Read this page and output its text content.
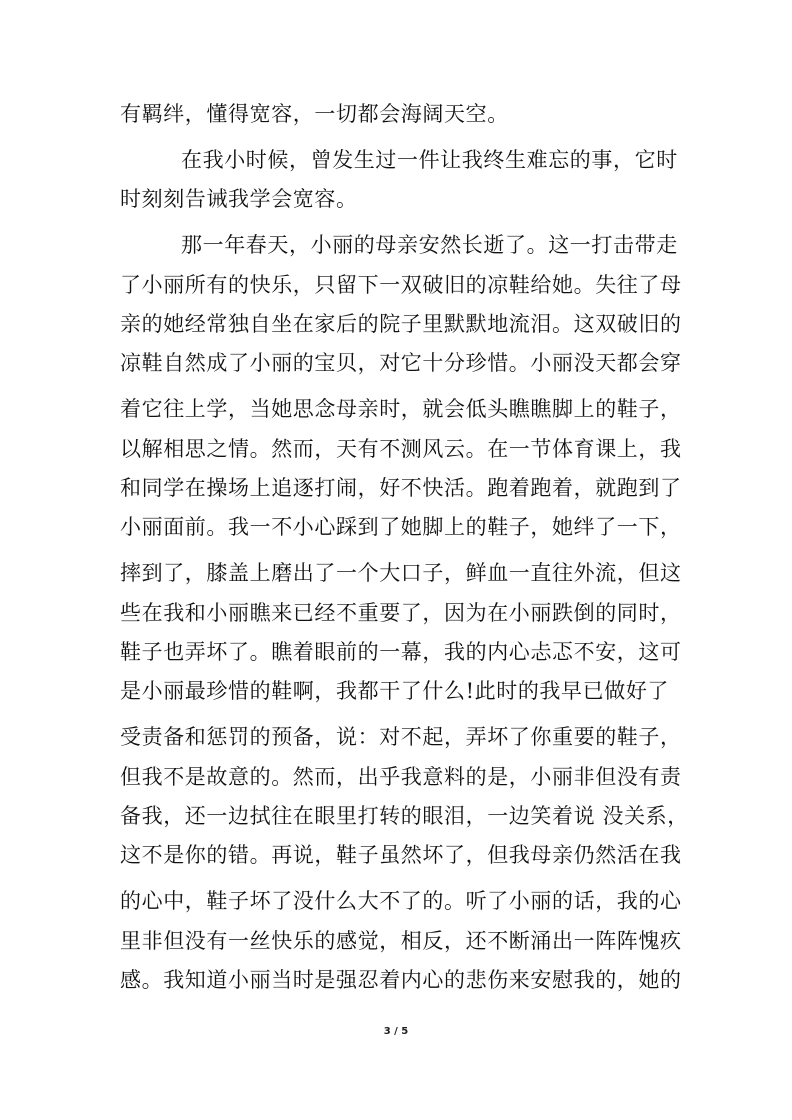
有羁绊，懂得宽容，一切都会海阔天空。
在我小时候，曾发生过一件让我终生难忘的事，它时
时刻刻告诫我学会宽容。
那一年春天，小丽的母亲安然长逝了。这一打击带走
了小丽所有的快乐，只留下一双破旧的凉鞋给她。失往了母
亲的她经常独自坐在家后的院子里默默地流泪。这双破旧的
凉鞋自然成了小丽的宝贝，对它十分珍惜。小丽没天都会穿
着它往上学，当她思念母亲时，就会低头瞧瞧脚上的鞋子，
以解相思之情。然而，天有不测风云。在一节体育课上，我
和同学在操场上追逐打闹，好不快活。跑着跑着，就跑到了
小丽面前。我一不小心踩到了她脚上的鞋子，她绊了一下，
摔到了，膝盖上磨出了一个大口子，鲜血一直往外流，但这
些在我和小丽瞧来已经不重要了，因为在小丽跌倒的同时，
鞋子也弄坏了。瞧着眼前的一幕，我的内心忐忑不安，这可
是小丽最珍惜的鞋啊，我都干了什么!此时的我早已做好了
受责备和惩罚的预备，说：对不起，弄坏了你重要的鞋子，
但我不是故意的。然而，出乎我意料的是，小丽非但没有责
备我，还一边拭往在眼里打转的眼泪，一边笑着说 没关系，
这不是你的错。再说，鞋子虽然坏了，但我母亲仍然活在我
的心中，鞋子坏了没什么大不了的。听了小丽的话，我的心
里非但没有一丝快乐的感觉，相反，还不断涌出一阵阵愧疚
感。我知道小丽当时是强忍着内心的悲伤来安慰我的，她的
3 / 5
